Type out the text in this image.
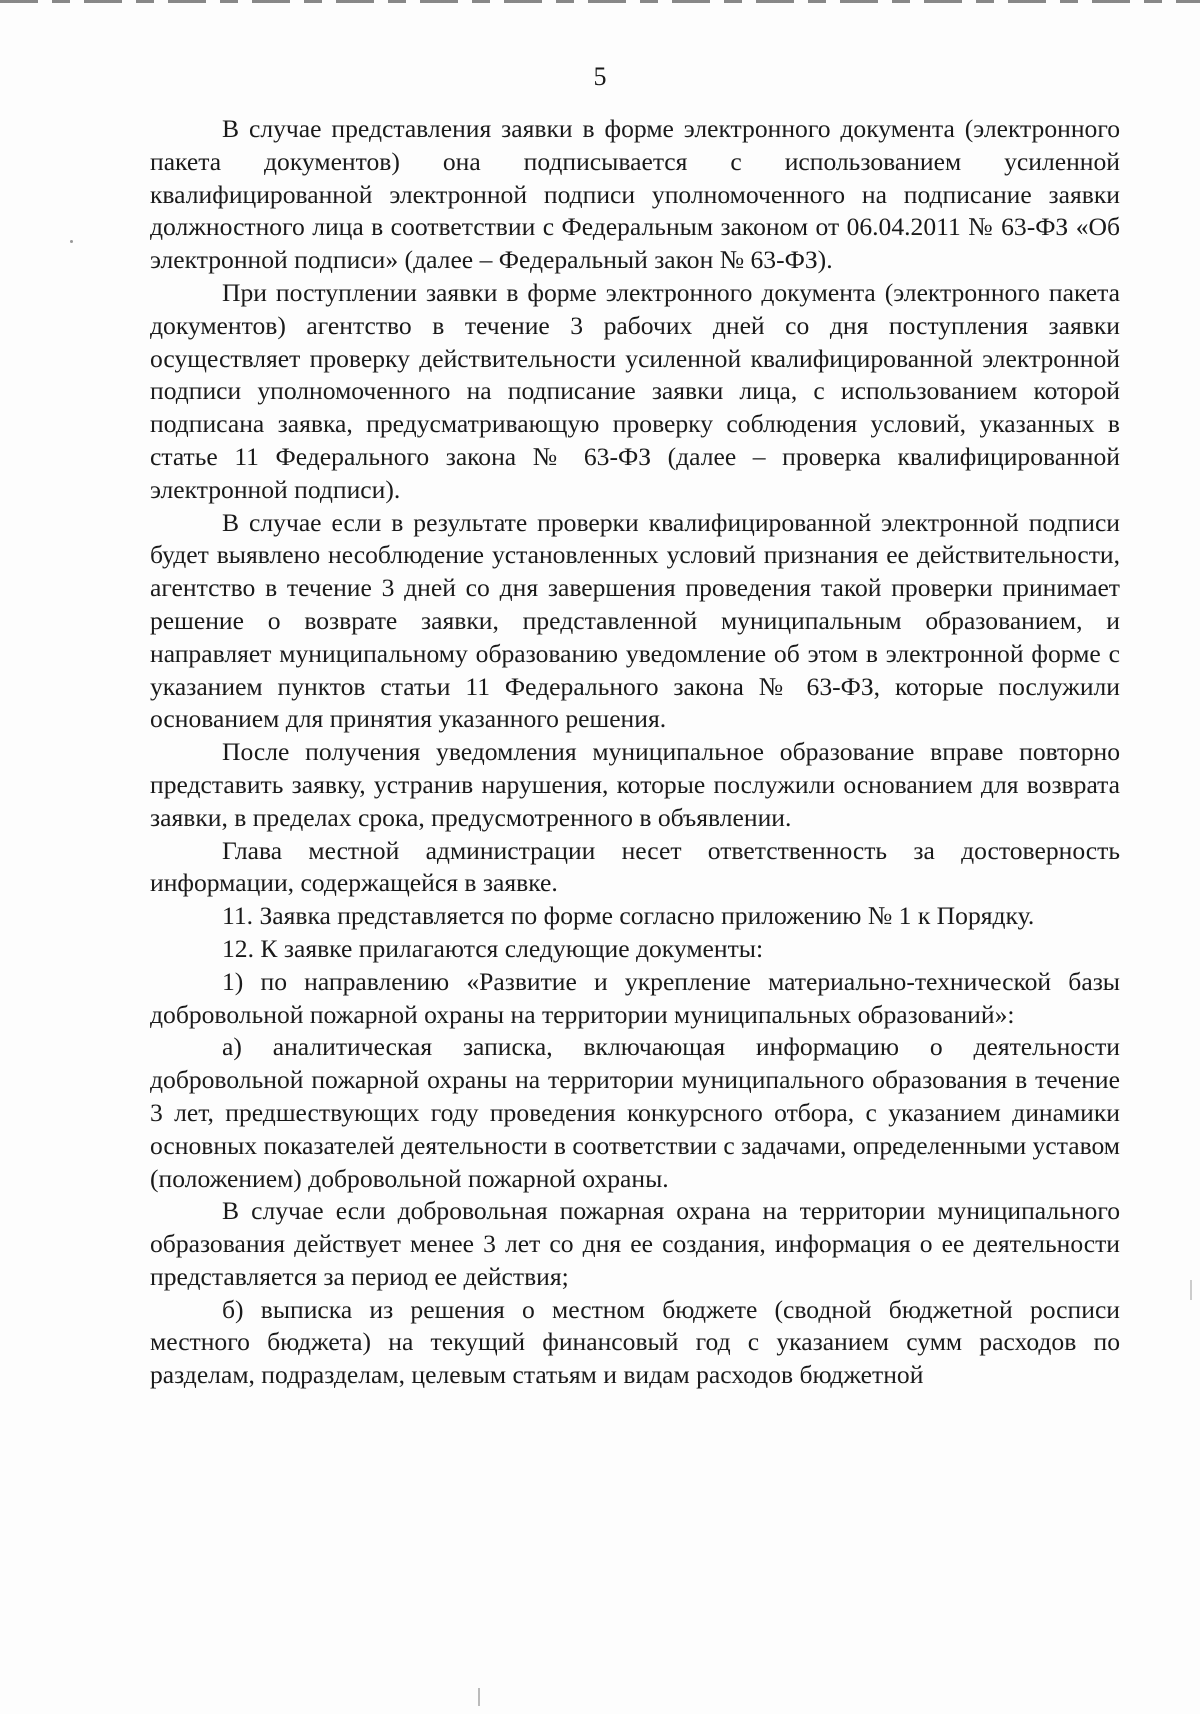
5

В случае представления заявки в форме электронного документа (электронного пакета документов) она подписывается с использованием усиленной квалифицированной электронной подписи уполномоченного на подписание заявки должностного лица в соответствии с Федеральным законом от 06.04.2011 № 63-ФЗ «Об электронной подписи» (далее – Федеральный закон № 63-ФЗ).

При поступлении заявки в форме электронного документа (электронного пакета документов) агентство в течение 3 рабочих дней со дня поступления заявки осуществляет проверку действительности усиленной квалифицированной электронной подписи уполномоченного на подписание заявки лица, с использованием которой подписана заявка, предусматривающую проверку соблюдения условий, указанных в статье 11 Федерального закона № 63-ФЗ (далее – проверка квалифицированной электронной подписи).

В случае если в результате проверки квалифицированной электронной подписи будет выявлено несоблюдение установленных условий признания ее действительности, агентство в течение 3 дней со дня завершения проведения такой проверки принимает решение о возврате заявки, представленной муниципальным образованием, и направляет муниципальному образованию уведомление об этом в электронной форме с указанием пунктов статьи 11 Федерального закона № 63-ФЗ, которые послужили основанием для принятия указанного решения.

После получения уведомления муниципальное образование вправе повторно представить заявку, устранив нарушения, которые послужили основанием для возврата заявки, в пределах срока, предусмотренного в объявлении.

Глава местной администрации несет ответственность за достоверность информации, содержащейся в заявке.

11. Заявка представляется по форме согласно приложению № 1 к Порядку.

12. К заявке прилагаются следующие документы:

1) по направлению «Развитие и укрепление материально-технической базы добровольной пожарной охраны на территории муниципальных образований»:

а) аналитическая записка, включающая информацию о деятельности добровольной пожарной охраны на территории муниципального образования в течение 3 лет, предшествующих году проведения конкурсного отбора, с указанием динамики основных показателей деятельности в соответствии с задачами, определенными уставом (положением) добровольной пожарной охраны.

В случае если добровольная пожарная охрана на территории муниципального образования действует менее 3 лет со дня ее создания, информация о ее деятельности представляется за период ее действия;

б) выписка из решения о местном бюджете (сводной бюджетной росписи местного бюджета) на текущий финансовый год с указанием сумм расходов по разделам, подразделам, целевым статьям и видам расходов бюджетной
